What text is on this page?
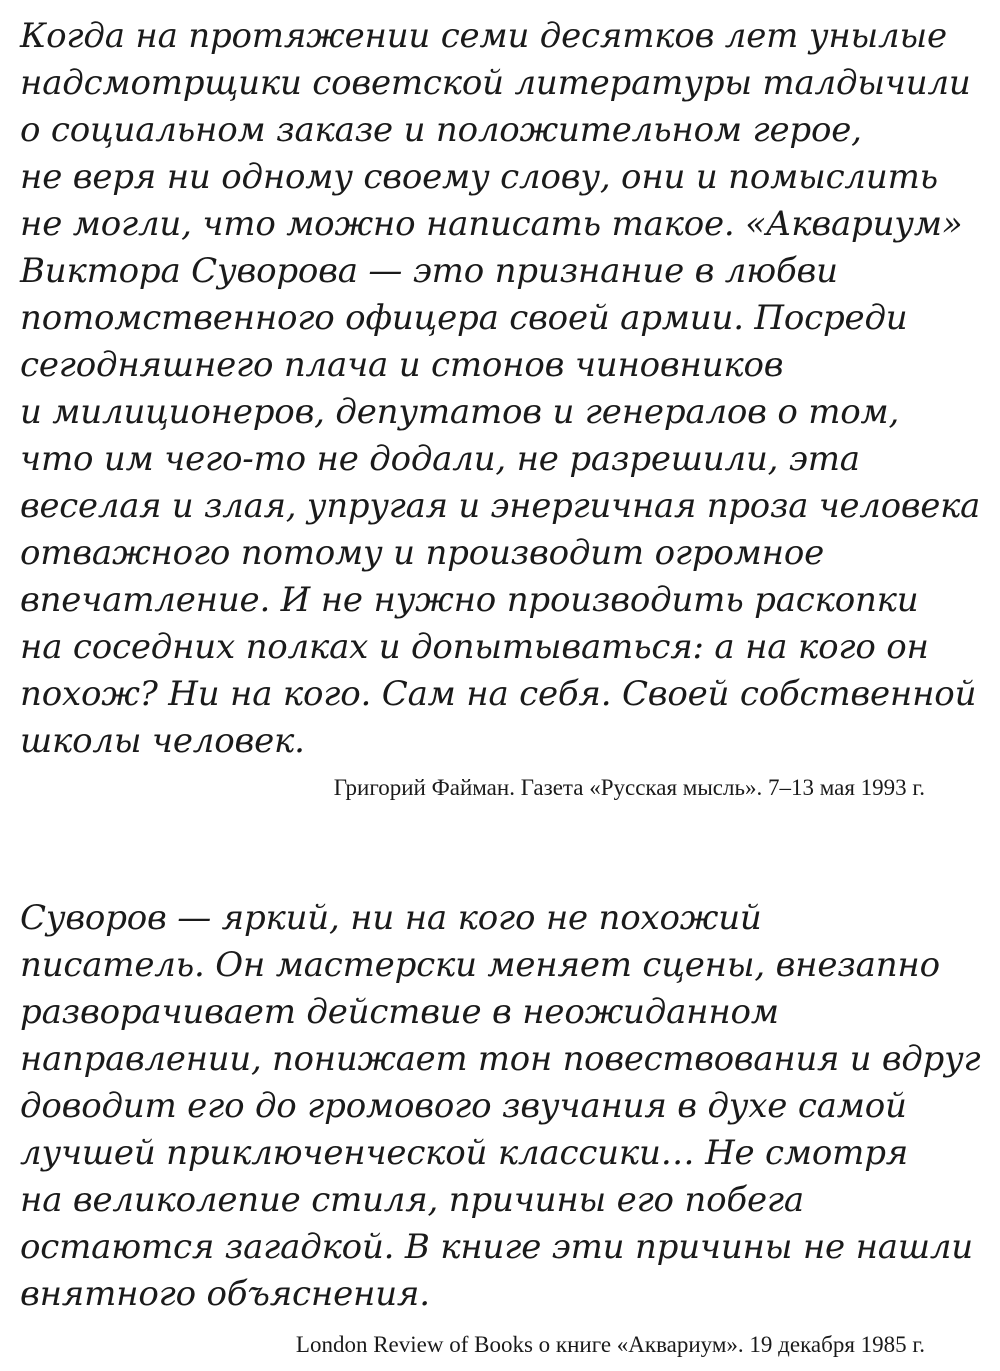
Когда на протяжении семи десятков лет унылые
надсмотрщики советской литературы талдычили
о социальном заказе и положительном герое,
не веря ни одному своему слову, они и помыслить
не могли, что можно написать такое. «Аквариум»
Виктора Суворова — это признание в любви
потомственного офицера своей армии. Посреди
сегодняшнего плача и стонов чиновников
и милиционеров, депутатов и генералов о том,
что им чего-то не додали, не разрешили, эта
веселая и злая, упругая и энергичная проза человека
отважного потому и производит огромное
впечатление. И не нужно производить раскопки
на соседних полках и допытываться: а на кого он
похож? Ни на кого. Сам на себя. Своей собственной
школы человек.

Григорий Файман. Газета «Русская мысль». 7–13 мая 1993 г.

Суворов — яркий, ни на кого не похожий
писатель. Он мастерски меняет сцены, внезапно
разворачивает действие в неожиданном
направлении, понижает тон повествования и вдруг
доводит его до громового звучания в духе самой
лучшей приключенческой классики… Не смотря
на великолепие стиля, причины его побега
остаются загадкой. В книге эти причины не нашли
внятного объяснения.

London Review of Books о книге «Аквариум». 19 декабря 1985 г.
